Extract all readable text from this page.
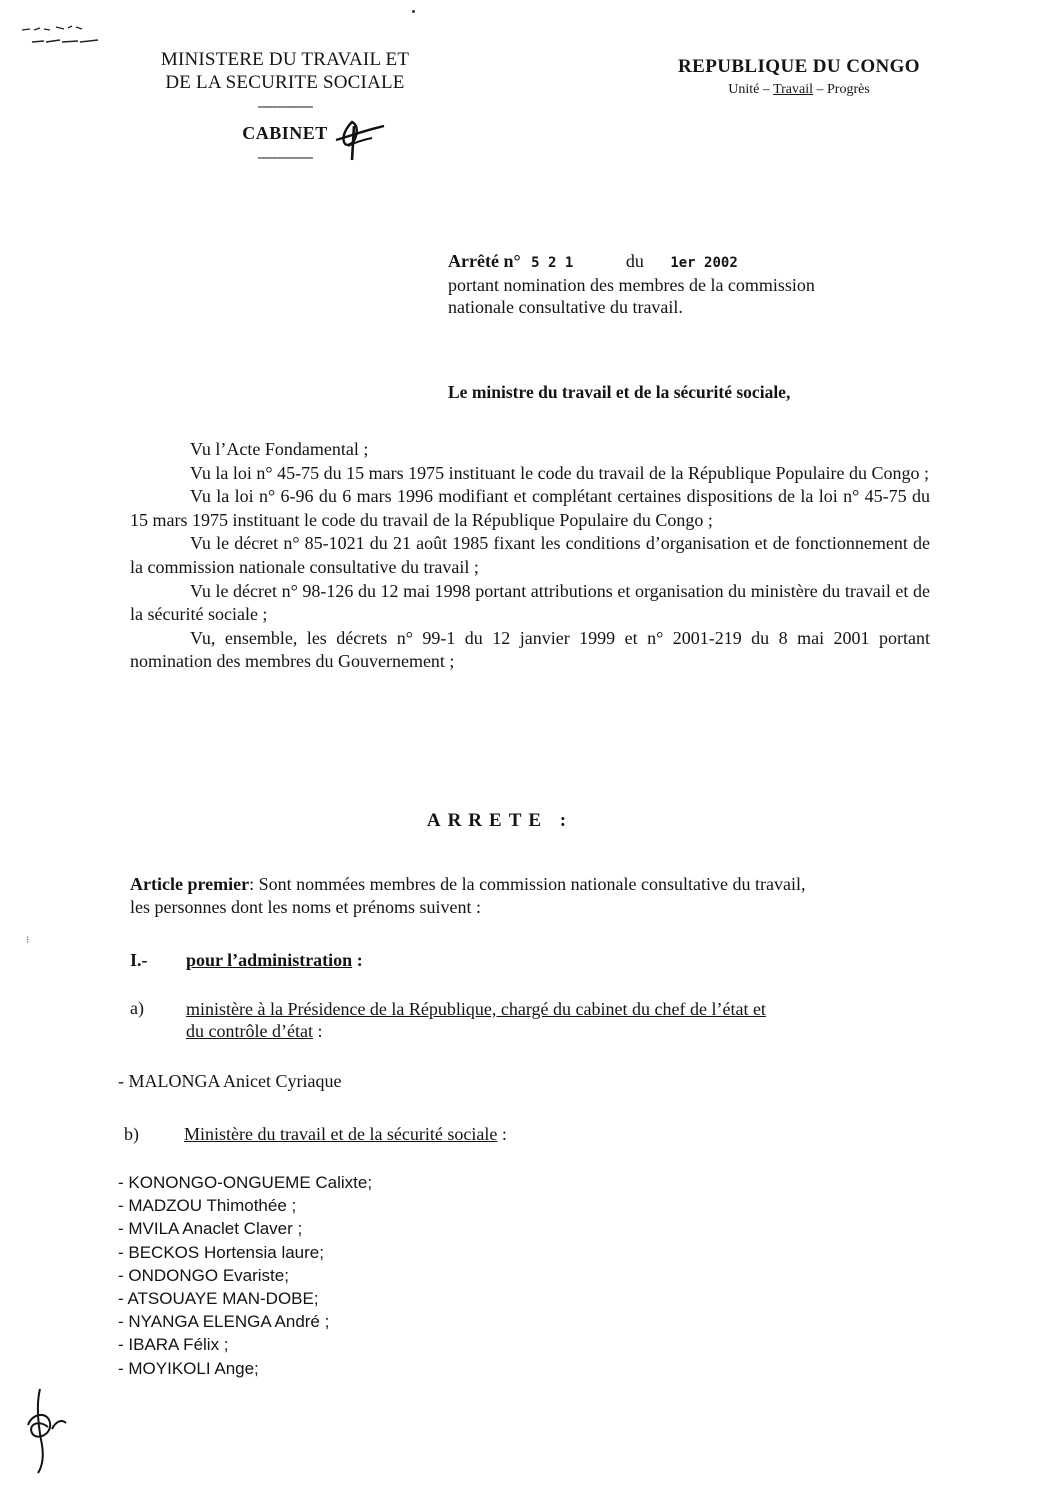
MINISTERE DU TRAVAIL ET
DE LA SECURITE SOCIALE
---------------
CABINET
---------------
REPUBLIQUE DU CONGO
Unité – Travail – Progrès
Arrêté n° 5 2 1	du 1er 2002
portant nomination des membres de la commission
nationale consultative du travail.
Le ministre du travail et de la sécurité sociale,

Vu l’Acte Fondamental ;

Vu la loi n° 45-75 du 15 mars 1975 instituant le code du travail de la République Populaire du Congo ;

Vu la loi n° 6-96 du 6 mars 1996 modifiant et complétant certaines dispositions de la loi n° 45-75 du 15 mars 1975 instituant le code du travail de la République Populaire du Congo ;

Vu le décret n° 85-1021 du 21 août 1985 fixant les conditions d’organisation et de fonctionnement de la commission nationale consultative du travail ;

Vu le décret n° 98-126 du 12 mai 1998 portant attributions et organisation du ministère du travail et de la sécurité sociale ;

Vu, ensemble, les décrets n° 99-1 du 12 janvier 1999 et n° 2001-219 du 8 mai 2001 portant nomination des membres du Gouvernement ;

ARRETE :
Article premier: Sont nommées membres de la commission nationale consultative du travail,
les personnes dont les noms et prénoms suivent :
⁝
I.- pour l’administration :
a) ministère à la Présidence de la République, chargé du cabinet du chef de l’état et
du contrôle d’état :
- MALONGA Anicet Cyriaque
b)	Ministère du travail et de la sécurité sociale :
- KONONGO-ONGUEME Calixte;
- MADZOU Thimothée ;
- MVILA Anaclet Claver ;
- BECKOS Hortensia laure;
- ONDONGO Evariste;
- ATSOUAYE MAN-DOBE;
- NYANGA ELENGA André ;
- IBARA Félix ;
- MOYIKOLI Ange;
